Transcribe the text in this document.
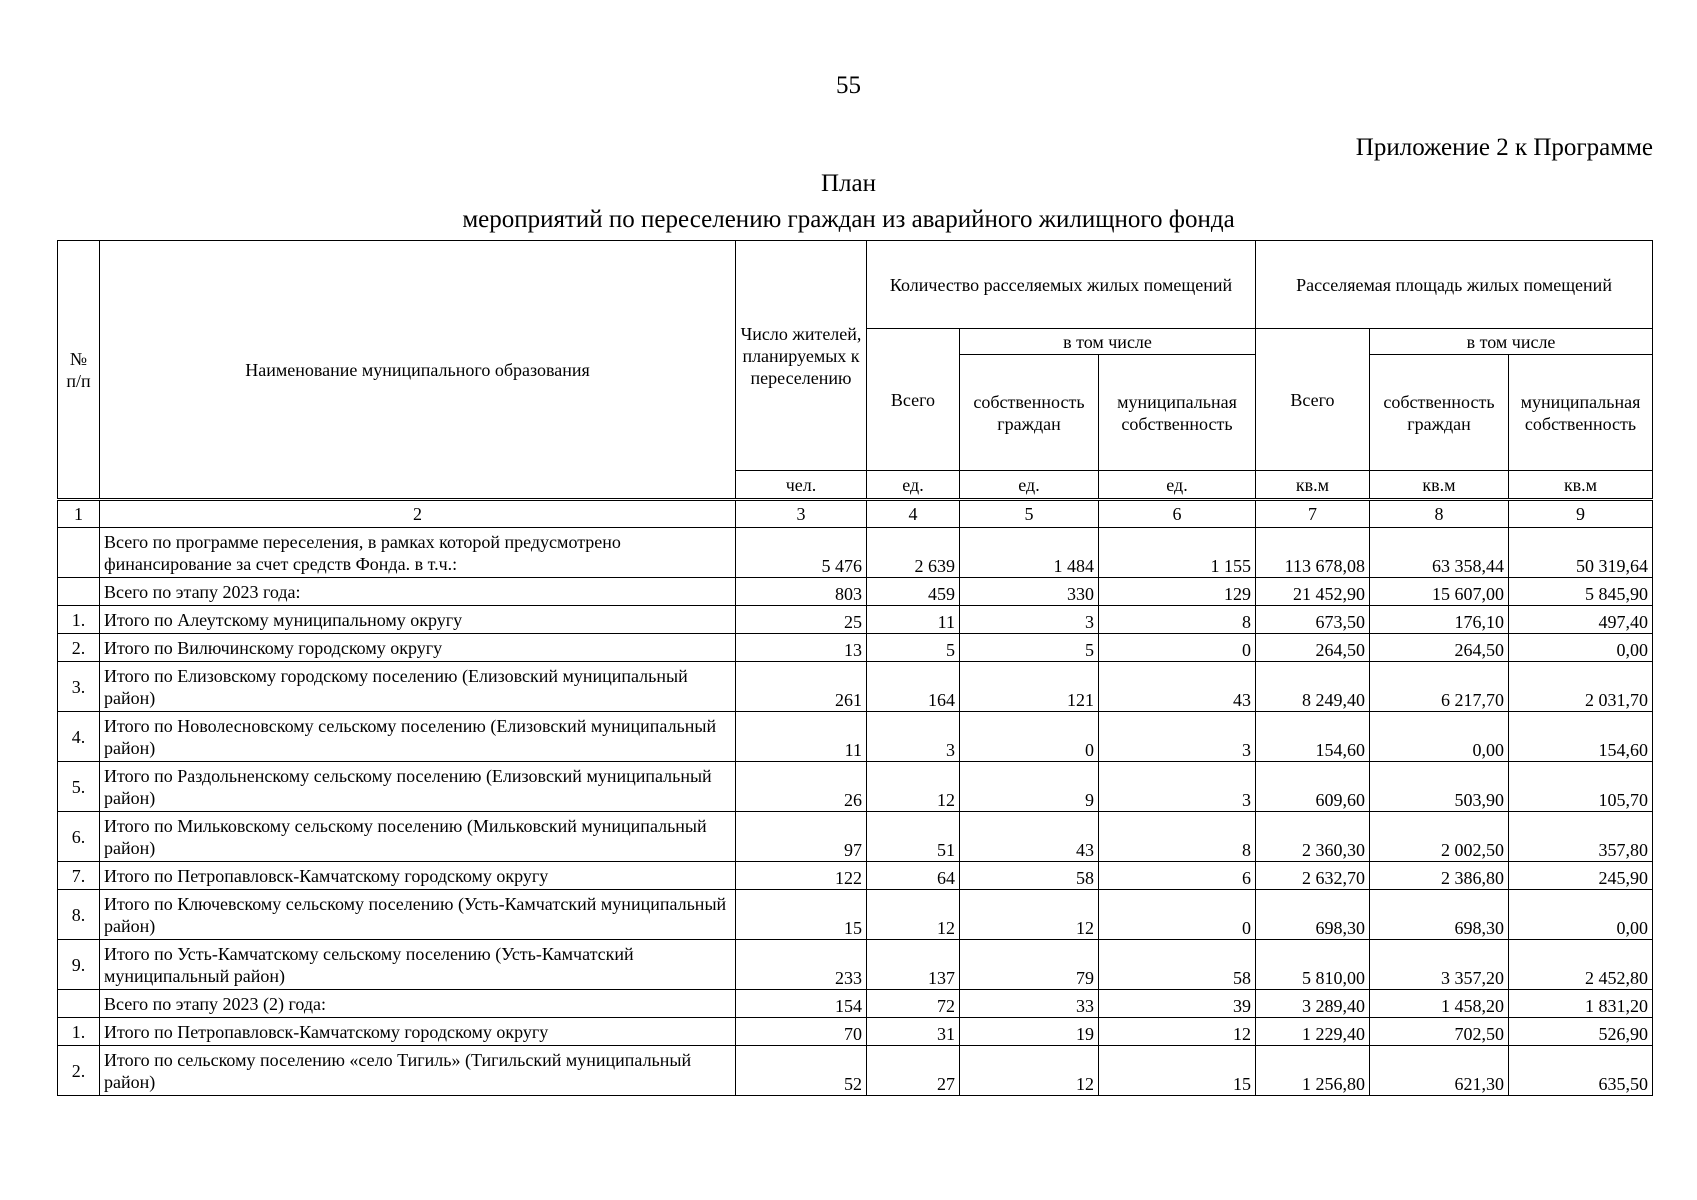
55
Приложение 2 к Программе
План
мероприятий по переселению граждан из аварийного жилищного фонда
№ п/п	Наименование муниципального образования	Число жителей, планируемых к переселению	Количество расселяемых жилых помещений			Расселяемая площадь жилых помещений		
			Всего	в том числе		Всего	в том числе	
				собственность граждан	муниципальная собственность		собственность граждан	муниципальная собственность
		чел.	ед.	ед.	ед.	кв.м	кв.м	кв.м
1	2	3	4	5	6	7	8	9
	Всего по программе переселения, в рамках которой предусмотрено финансирование за счет средств Фонда. в т.ч.:	5 476	2 639	1 484	1 155	113 678,08	63 358,44	50 319,64
	Всего по этапу 2023 года:	803	459	330	129	21 452,90	15 607,00	5 845,90
1.	Итого по Алеутскому муниципальному округу	25	11	3	8	673,50	176,10	497,40
2.	Итого по Вилючинскому городскому округу	13	5	5	0	264,50	264,50	0,00
3.	Итого по Елизовскому городскому поселению (Елизовский муниципальный район)	261	164	121	43	8 249,40	6 217,70	2 031,70
4.	Итого по Новолесновскому сельскому поселению (Елизовский муниципальный район)	11	3	0	3	154,60	0,00	154,60
5.	Итого по Раздольненскому сельскому поселению (Елизовский муниципальный район)	26	12	9	3	609,60	503,90	105,70
6.	Итого по Мильковскому сельскому поселению (Мильковский муниципальный район)	97	51	43	8	2 360,30	2 002,50	357,80
7.	Итого по Петропавловск-Камчатскому городскому округу	122	64	58	6	2 632,70	2 386,80	245,90
8.	Итого по Ключевскому сельскому поселению (Усть-Камчатский муниципальный район)	15	12	12	0	698,30	698,30	0,00
9.	Итого по Усть-Камчатскому сельскому поселению (Усть-Камчатский муниципальный район)	233	137	79	58	5 810,00	3 357,20	2 452,80
	Всего по этапу 2023 (2) года:	154	72	33	39	3 289,40	1 458,20	1 831,20
1.	Итого по Петропавловск-Камчатскому городскому округу	70	31	19	12	1 229,40	702,50	526,90
2.	Итого по сельскому поселению «село Тигиль» (Тигильский муниципальный район)	52	27	12	15	1 256,80	621,30	635,50
